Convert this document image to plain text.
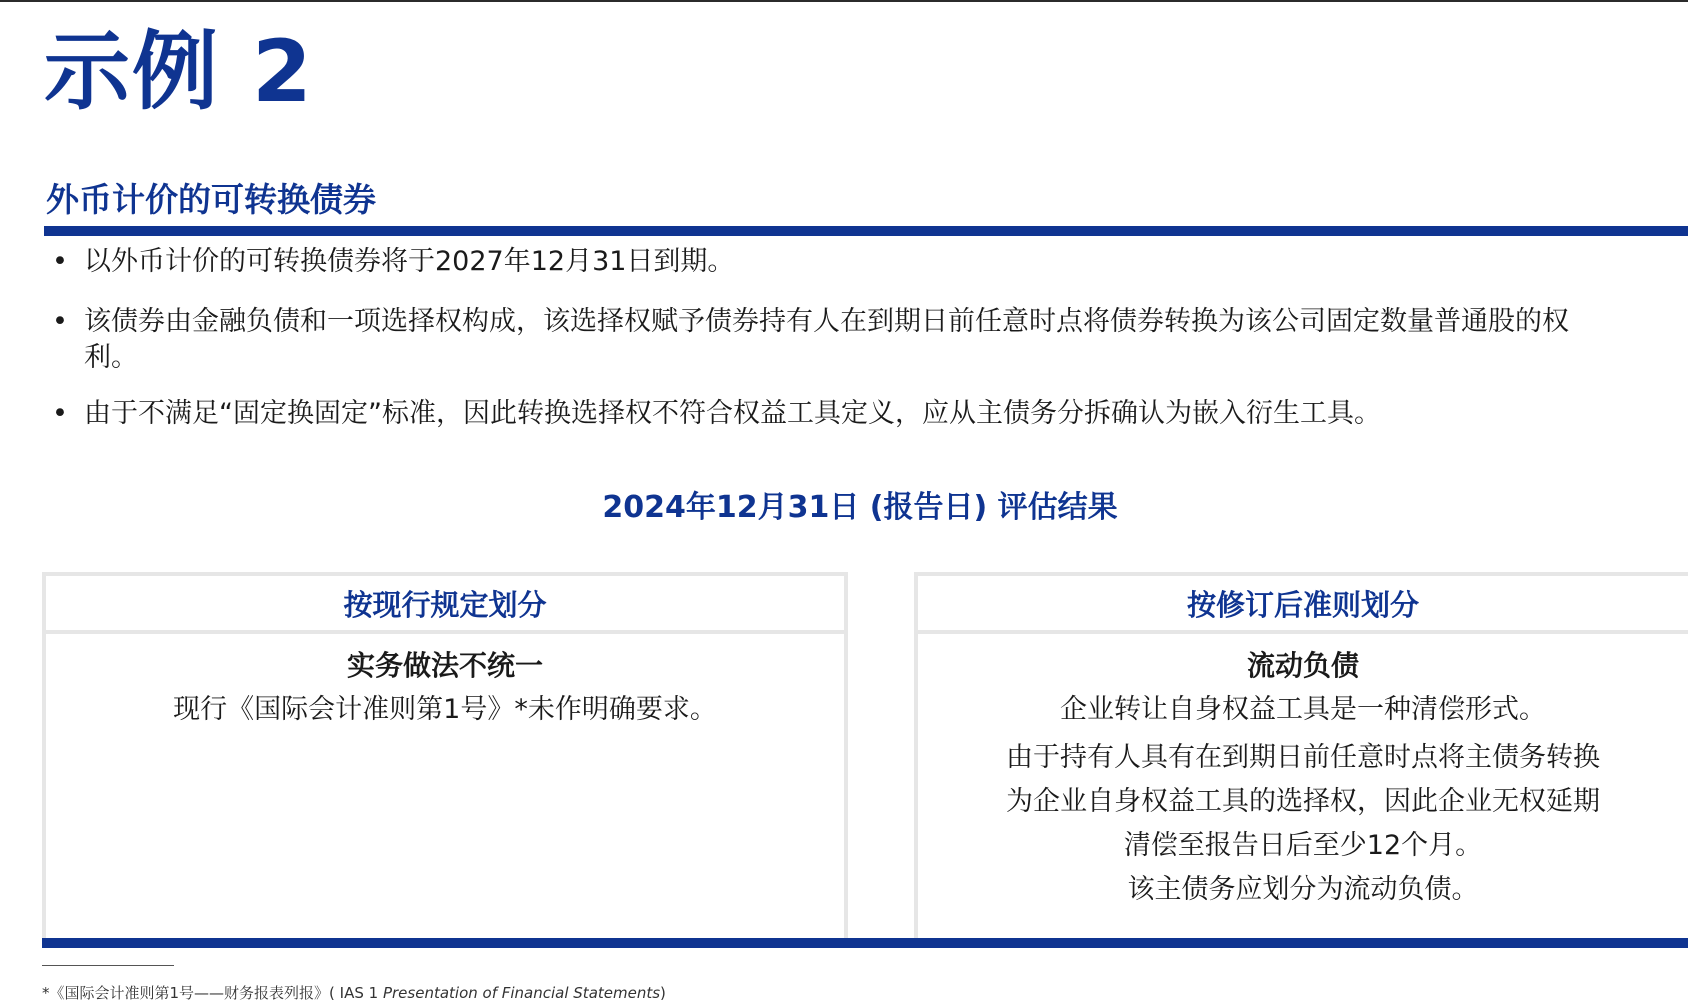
示例 2
外币计价的可转换债券
• 以外币计价的可转换债券将于2027年12月31日到期。
• 该债券由金融负债和一项选择权构成，该选择权赋予债券持有人在到期日前任意时点将债券转换为该公司固定数量普通股的权利。
• 由于不满足“固定换固定”标准，因此转换选择权不符合权益工具定义，应从主债务分拆确认为嵌入衍生工具。
2024年12月31日 (报告日) 评估结果
按现行规定划分
实务做法不统一
现行《国际会计准则第1号》*未作明确要求。
按修订后准则划分
流动负债
企业转让自身权益工具是一种清偿形式。
由于持有人具有在到期日前任意时点将主债务转换为企业自身权益工具的选择权，因此企业无权延期清偿至报告日后至少12个月。
该主债务应划分为流动负债。
*《国际会计准则第1号——财务报表列报》( IAS 1 Presentation of Financial Statements)
